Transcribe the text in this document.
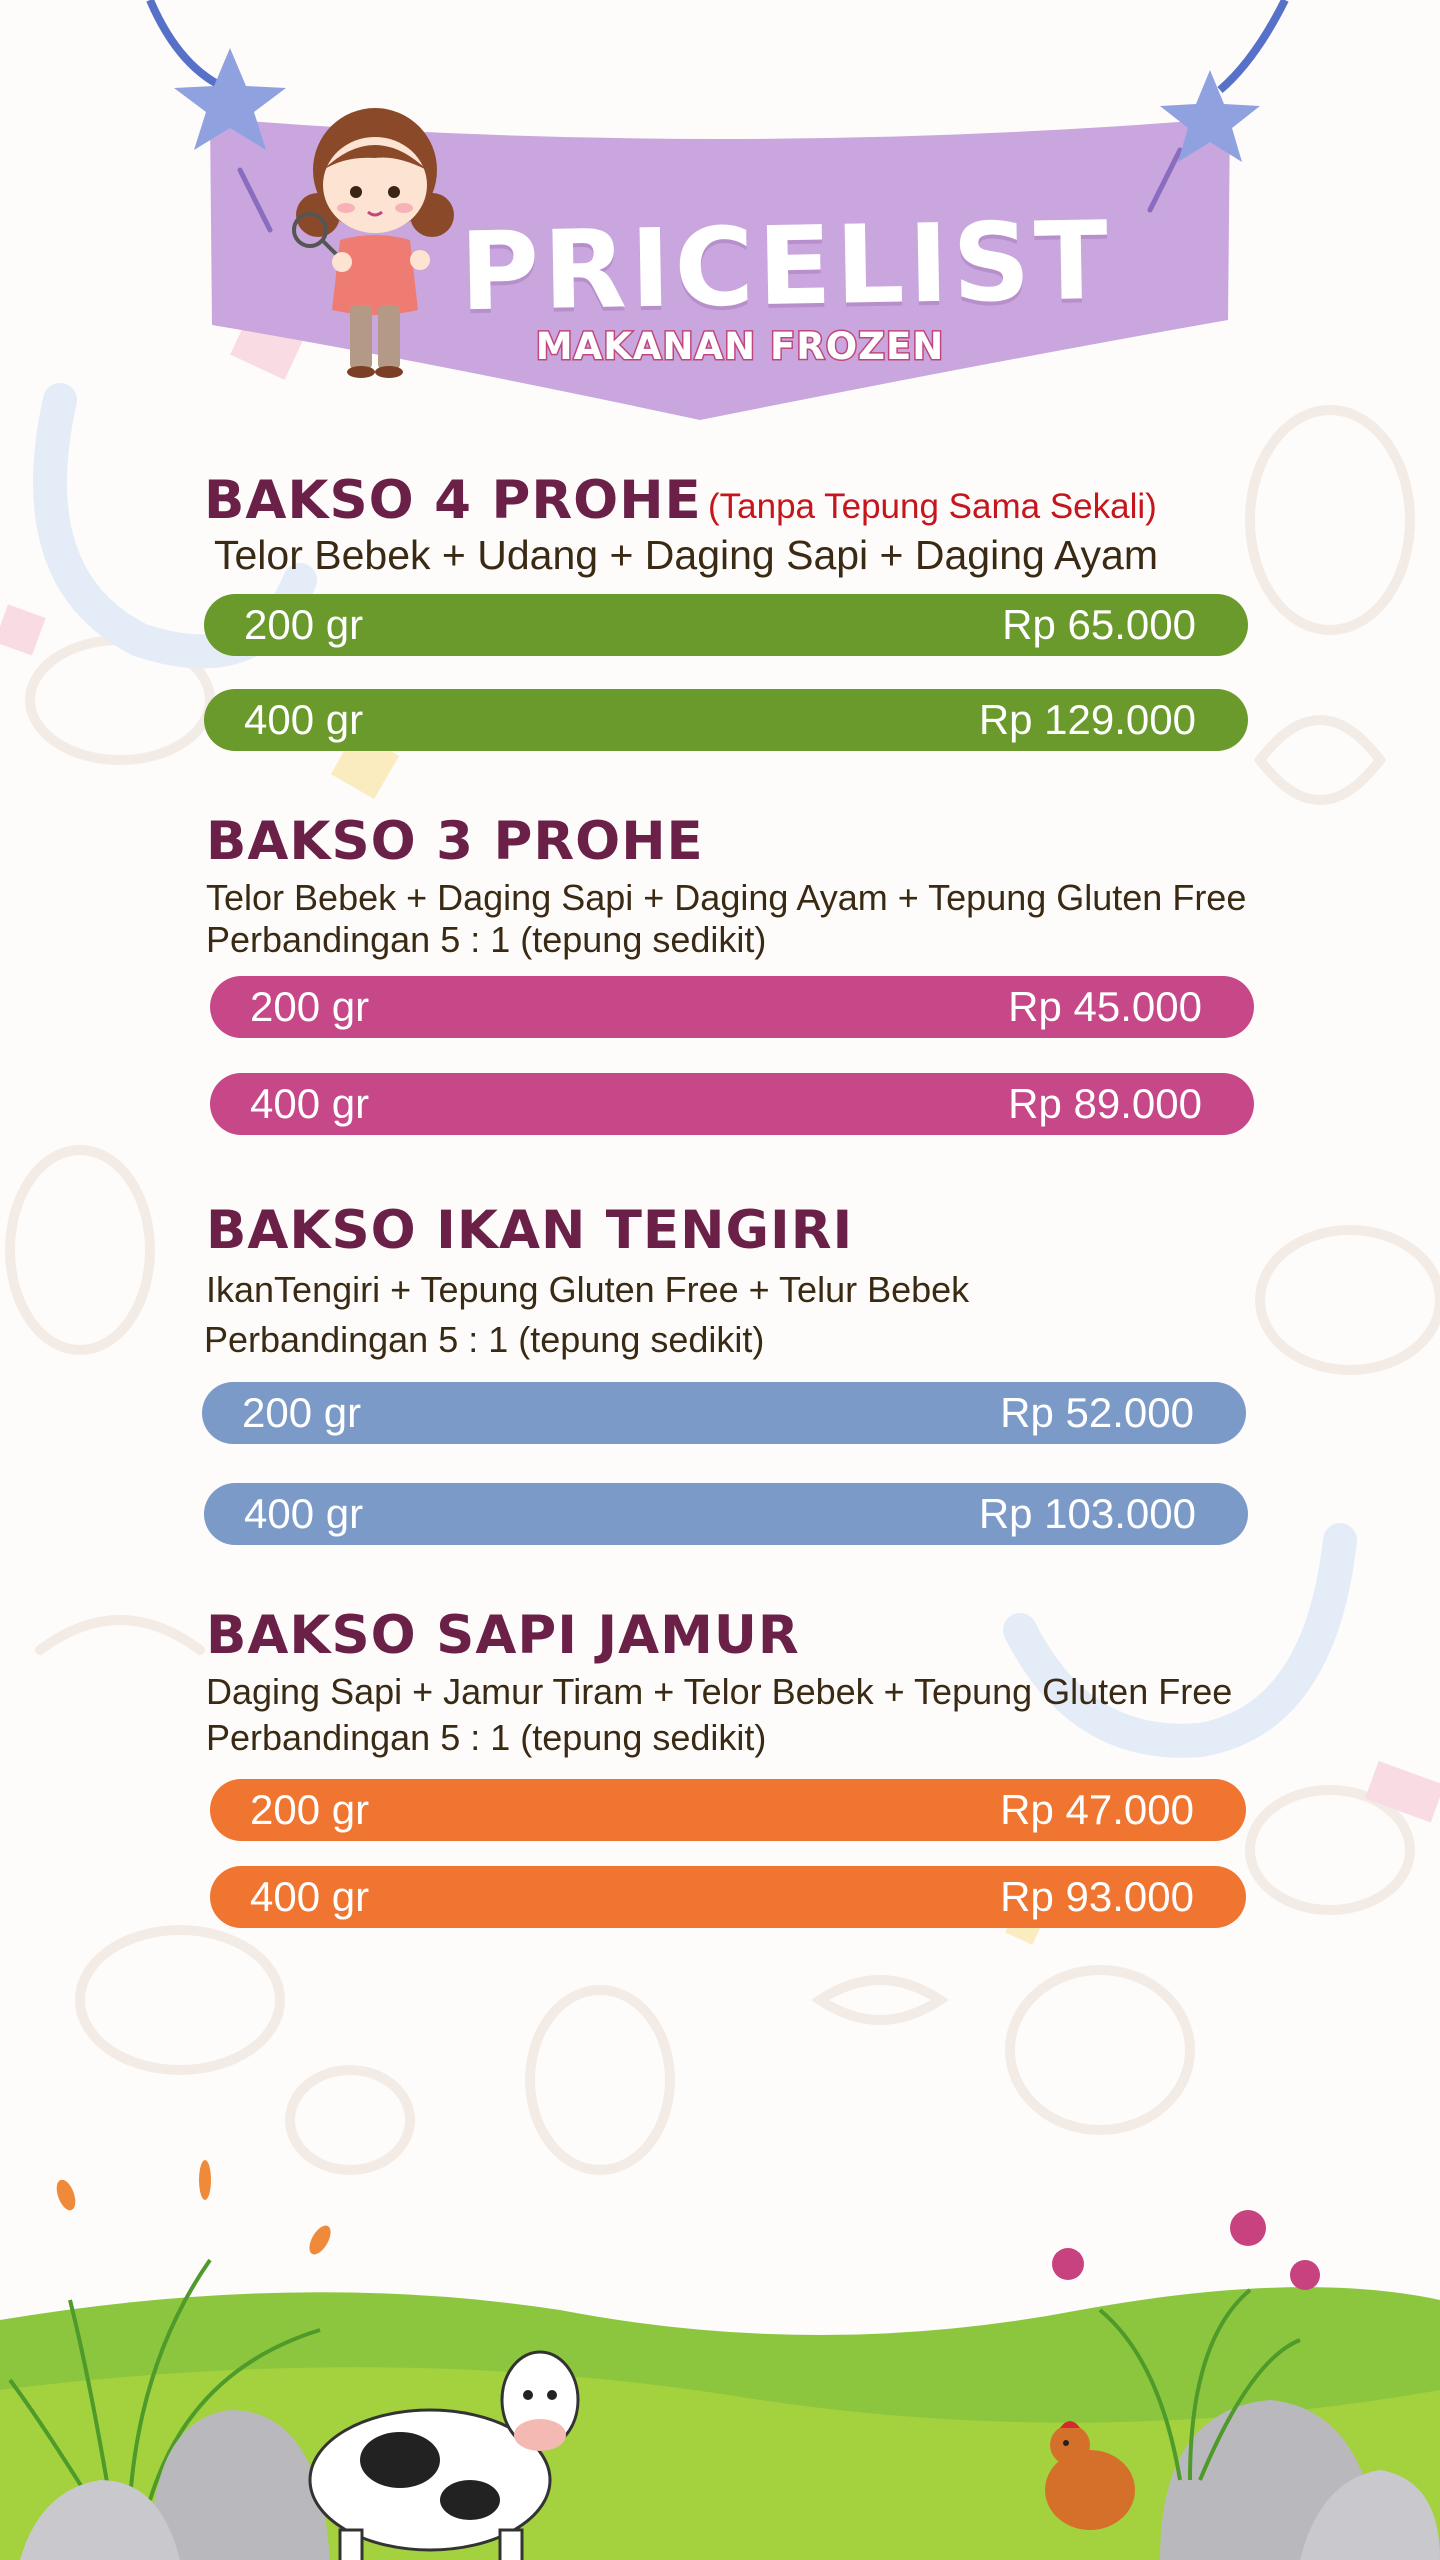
PRICELIST
MAKANAN FROZEN
BAKSO 4 PROHE (Tanpa Tepung Sama Sekali)
Telor Bebek + Udang + Daging Sapi + Daging Ayam
200 gr	Rp 65.000
400 gr	Rp 129.000
BAKSO 3 PROHE
Telor Bebek + Daging Sapi + Daging Ayam + Tepung Gluten Free
Perbandingan 5 : 1 (tepung sedikit)
200 gr	Rp 45.000
400 gr	Rp 89.000
BAKSO IKAN TENGIRI
IkanTengiri + Tepung Gluten Free + Telur Bebek
Perbandingan 5 : 1 (tepung sedikit)
200 gr	Rp 52.000
400 gr	Rp 103.000
BAKSO SAPI JAMUR
Daging Sapi + Jamur Tiram + Telor Bebek + Tepung Gluten Free
Perbandingan 5 : 1 (tepung sedikit)
200 gr	Rp 47.000
400 gr	Rp 93.000
